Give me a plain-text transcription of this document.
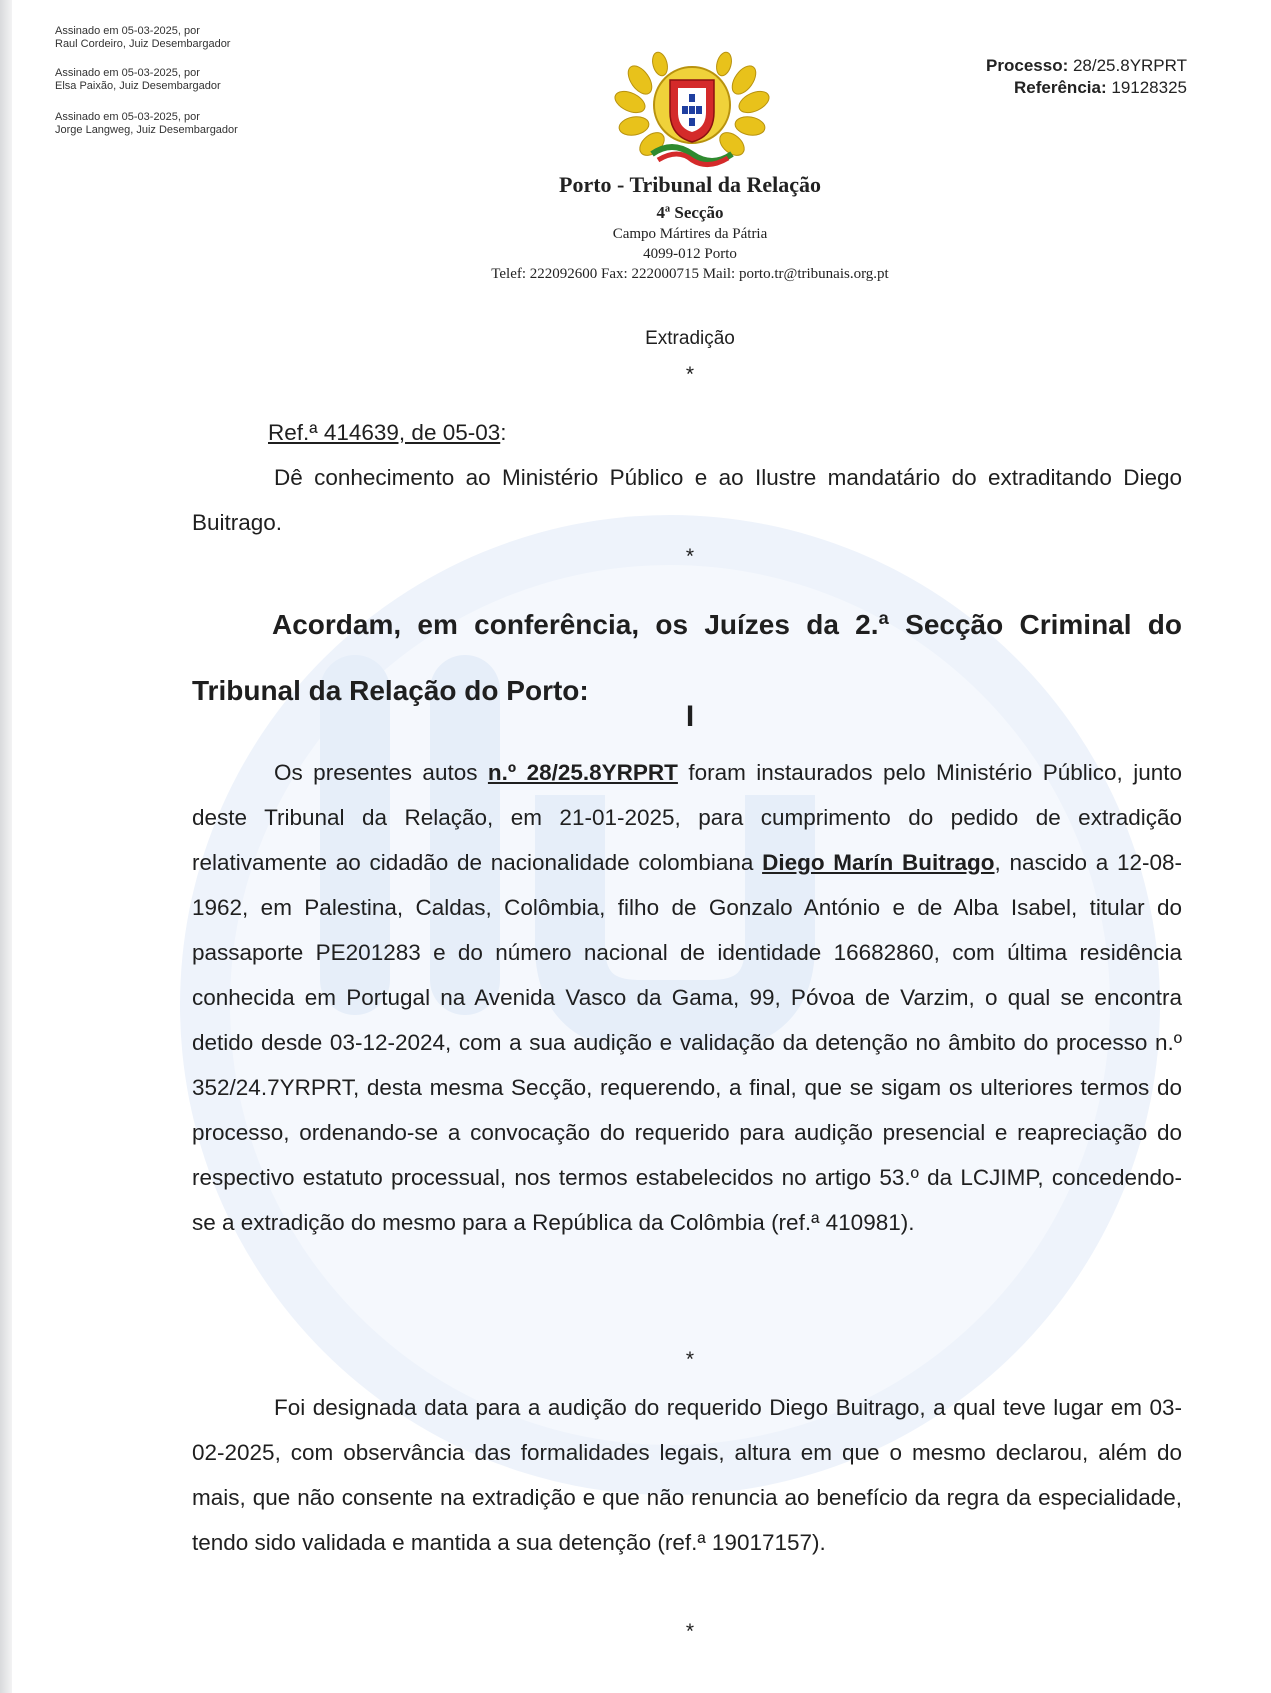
Assinado em 05-03-2025, por
Raul Cordeiro, Juiz Desembargador
Assinado em 05-03-2025, por
Elsa Paixão, Juiz Desembargador
Assinado em 05-03-2025, por
Jorge Langweg, Juiz Desembargador
Processo: 28/25.8YRPRT
Referência: 19128325
Porto - Tribunal da Relação
4ª Secção
Campo Mártires da Pátria
4099-012 Porto
Telef: 222092600 Fax: 222000715 Mail: porto.tr@tribunais.org.pt
Extradição
*
Ref.ª 414639, de 05-03:
Dê conhecimento ao Ministério Público e ao Ilustre mandatário do extraditando Diego Buitrago.
*
Acordam, em conferência, os Juízes da 2.ª Secção Criminal do Tribunal da Relação do Porto:
I
Os presentes autos n.º 28/25.8YRPRT foram instaurados pelo Ministério Público, junto deste Tribunal da Relação, em 21-01-2025, para cumprimento do pedido de extradição relativamente ao cidadão de nacionalidade colombiana Diego Marín Buitrago, nascido a 12-08-1962, em Palestina, Caldas, Colômbia, filho de Gonzalo António e de Alba Isabel, titular do passaporte PE201283 e do número nacional de identidade 16682860, com última residência conhecida em Portugal na Avenida Vasco da Gama, 99, Póvoa de Varzim, o qual se encontra detido desde 03-12-2024, com a sua audição e validação da detenção no âmbito do processo n.º 352/24.7YRPRT, desta mesma Secção, requerendo, a final, que se sigam os ulteriores termos do processo, ordenando-se a convocação do requerido para audição presencial e reapreciação do respectivo estatuto processual, nos termos estabelecidos no artigo 53.º da LCJIMP, concedendo-se a extradição do mesmo para a República da Colômbia (ref.ª 410981).
*
Foi designada data para a audição do requerido Diego Buitrago, a qual teve lugar em 03-02-2025, com observância das formalidades legais, altura em que o mesmo declarou, além do mais, que não consente na extradição e que não renuncia ao benefício da regra da especialidade, tendo sido validada e mantida a sua detenção (ref.ª 19017157).
*
